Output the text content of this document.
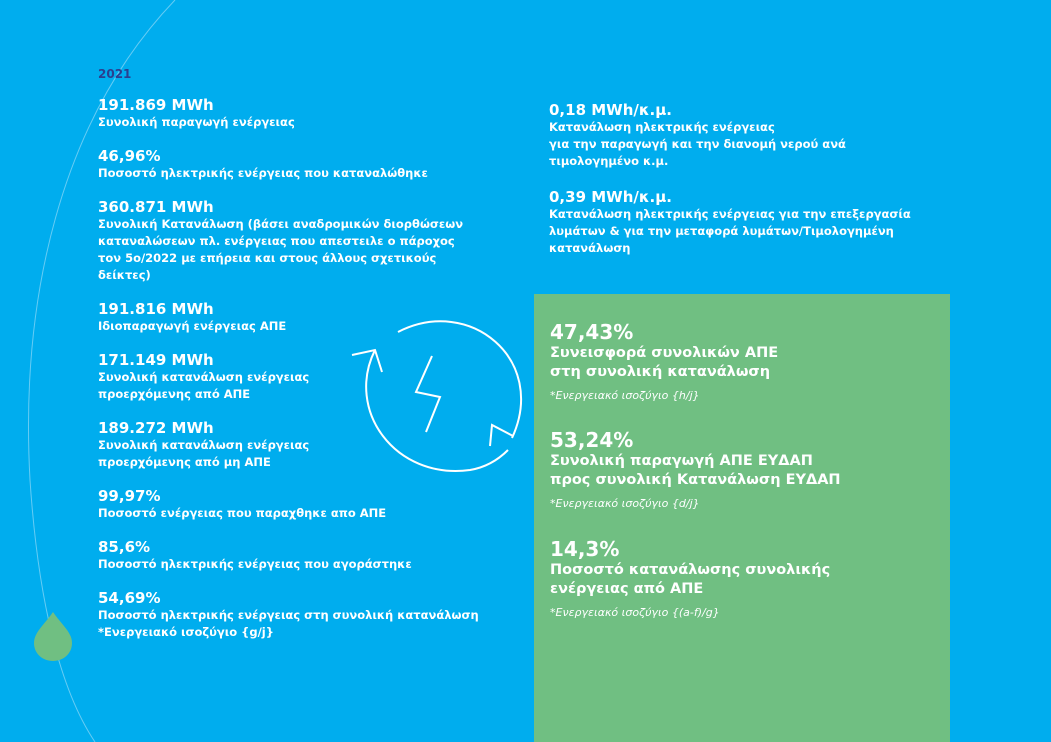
2021
191.869 MWh
Συνολική παραγωγή ενέργειας
46,96%
Ποσοστό ηλεκτρικής ενέργειας που καταναλώθηκε
360.871 MWh
Συνολική Κατανάλωση (βάσει αναδρομικών διορθώσεων
καταναλώσεων πλ. ενέργειας που απεστειλε ο πάροχος
τον 5ο/2022 με επήρεια και στους άλλους σχετικούς
δείκτες)
191.816 MWh
Ιδιοπαραγωγή ενέργειας ΑΠΕ
171.149 MWh
Συνολική κατανάλωση ενέργειας
προερχόμενης από ΑΠΕ
189.272 MWh
Συνολική κατανάλωση ενέργειας
προερχόμενης από μη ΑΠΕ
99,97%
Ποσοστό ενέργειας που παραχθηκε απο ΑΠΕ
85,6%
Ποσοστό ηλεκτρικής ενέργειας που αγοράστηκε
54,69%
Ποσοστό ηλεκτρικής ενέργειας στη συνολική κατανάλωση
*Ενεργειακό ισοζύγιο {g/j}
0,18 MWh/κ.μ.
Κατανάλωση ηλεκτρικής ενέργειας
για την παραγωγή και την διανομή νερού ανά
τιμολογημένο κ.μ.
0,39 MWh/κ.μ.
Κατανάλωση ηλεκτρικής ενέργειας για την επεξεργασία
λυμάτων & για την μεταφορά λυμάτων/Τιμολογημένη
κατανάλωση
47,43%
Συνεισφορά συνολικών ΑΠΕ
στη συνολική κατανάλωση
*Ενεργειακό ισοζύγιο {h/j}
53,24%
Συνολική παραγωγή ΑΠΕ ΕΥΔΑΠ
προς συνολική Κατανάλωση ΕΥΔΑΠ
*Ενεργειακό ισοζύγιο {d/j}
14,3%
Ποσοστό κατανάλωσης συνολικής
ενέργειας από ΑΠΕ
*Ενεργειακό ισοζύγιο {(a-f)/g}
